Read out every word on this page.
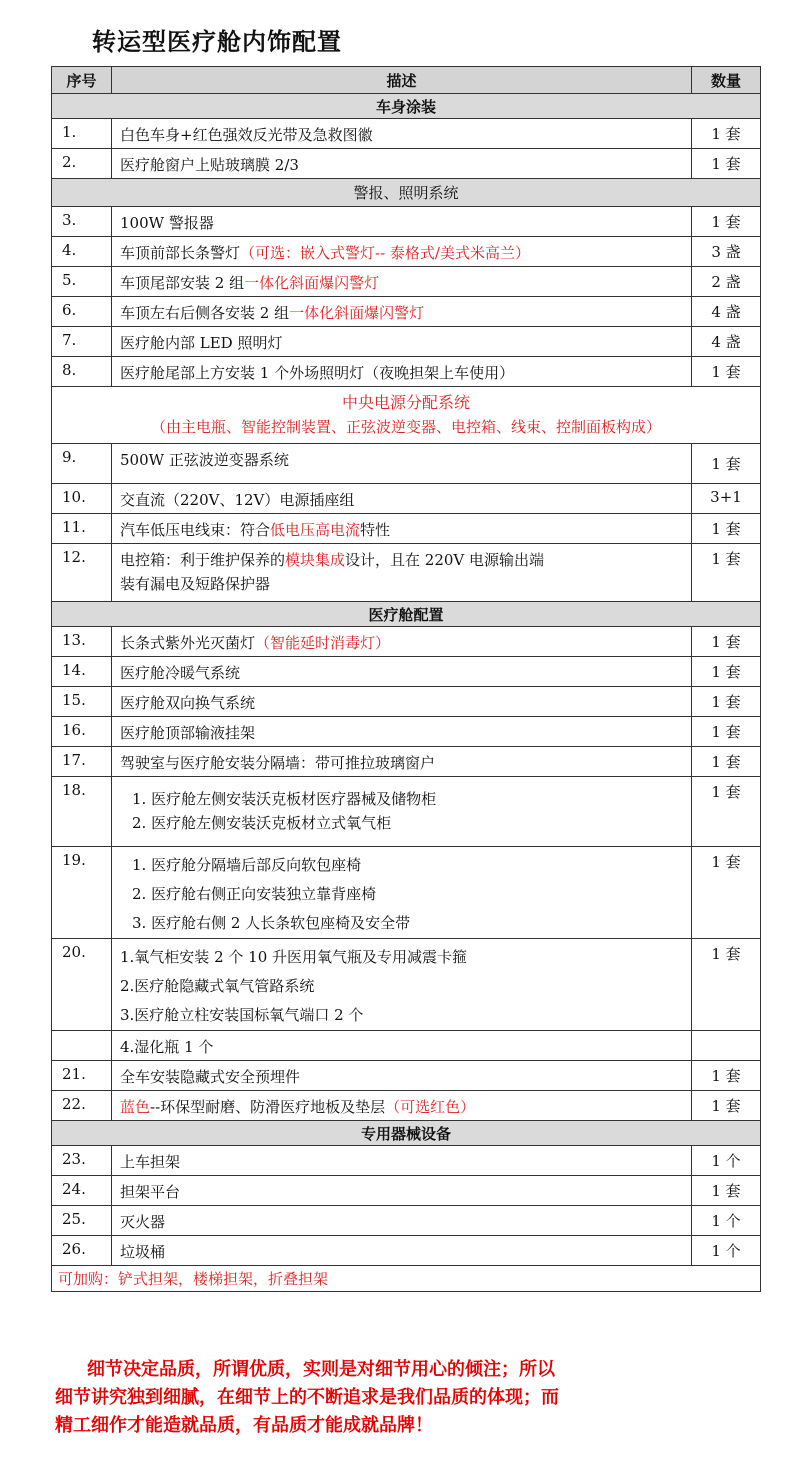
转运型医疗舱内饰配置
序号	描述	数量
车身涂装		
1.	白色车身+红色强效反光带及急救图徽	1 套
2.	医疗舱窗户上贴玻璃膜 2/3	1 套
警报、照明系统		
3.	100W 警报器	1 套
4.	车顶前部长条警灯（可选：嵌入式警灯-- 泰格式/美式米高兰）	3 盏
5.	车顶尾部安装 2 组一体化斜面爆闪警灯	2 盏
6.	车顶左右后侧各安装 2 组一体化斜面爆闪警灯	4 盏
7.	医疗舱内部 LED 照明灯	4 盏
8.	医疗舱尾部上方安装 1 个外场照明灯（夜晚担架上车使用）	1 套

中央电源分配系统
（由主电瓶、智能控制装置、正弦波逆变器、电控箱、线束、控制面板构成）		

9.	500W 正弦波逆变器系统	1 套
10.	交直流（220V、12V）电源插座组	3+1
11.	汽车低压电线束：符合低电压高电流特性	1 套
12.	电控箱：利于维护保养的模块集成设计，且在 220V 电源输出端
装有漏电及短路保护器	1 套
医疗舱配置		
13.	长条式紫外光灭菌灯（智能延时消毒灯）	1 套
14.	医疗舱冷暖气系统	1 套
15.	医疗舱双向换气系统	1 套
16.	医疗舱顶部输液挂架	1 套
17.	驾驶室与医疗舱安装分隔墙：带可推拉玻璃窗户	1 套
18.	1. 医疗舱左侧安装沃克板材医疗器械及储物柜
2. 医疗舱左侧安装沃克板材立式氧气柜	1 套
19.	1. 医疗舱分隔墙后部反向软包座椅
2. 医疗舱右侧正向安装独立靠背座椅
3. 医疗舱右侧 2 人长条软包座椅及安全带	1 套
20.	1.氧气柜安装 2 个 10 升医用氧气瓶及专用减震卡箍
2.医疗舱隐藏式氧气管路系统
3.医疗舱立柱安装国标氧气端口 2 个	1 套
	4.湿化瓶 1 个	
21.	全车安装隐藏式安全预埋件	1 套
22.	蓝色--环保型耐磨、防滑医疗地板及垫层（可选红色）	1 套
专用器械设备		
23.	上车担架	1 个
24.	担架平台	1 套
25.	灭火器	1 个
26.	垃圾桶	1 个
可加购：铲式担架，楼梯担架，折叠担架		
细节决定品质，所谓优质，实则是对细节用心的倾注；所以
细节讲究独到细腻，在细节上的不断追求是我们品质的体现；而
精工细作才能造就品质，有品质才能成就品牌！
